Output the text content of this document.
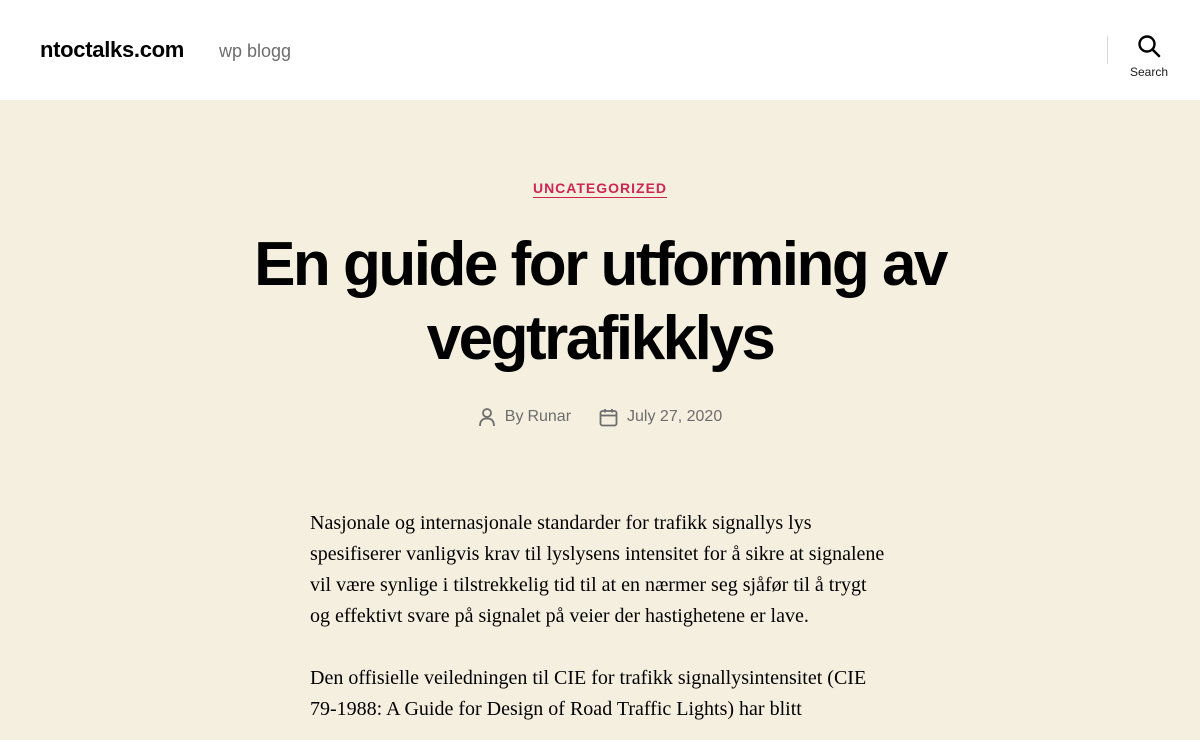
ntoctalks.com wp blogg
Search
UNCATEGORIZED
En guide for utforming av vegtrafikklys
By Runar	July 27, 2020

Nasjonale og internasjonale standarder for trafikk signallys lys spesifiserer vanligvis krav til lyslysens intensitet for å sikre at signalene vil være synlige i tilstrekkelig tid til at en nærmer seg sjåfør til å trygt og effektivt svare på signalet på veier der hastighetene er lave.

Den offisielle veiledningen til CIE for trafikk signallysintensitet (CIE 79-1988: A Guide for Design of Road Traffic Lights) har blitt
